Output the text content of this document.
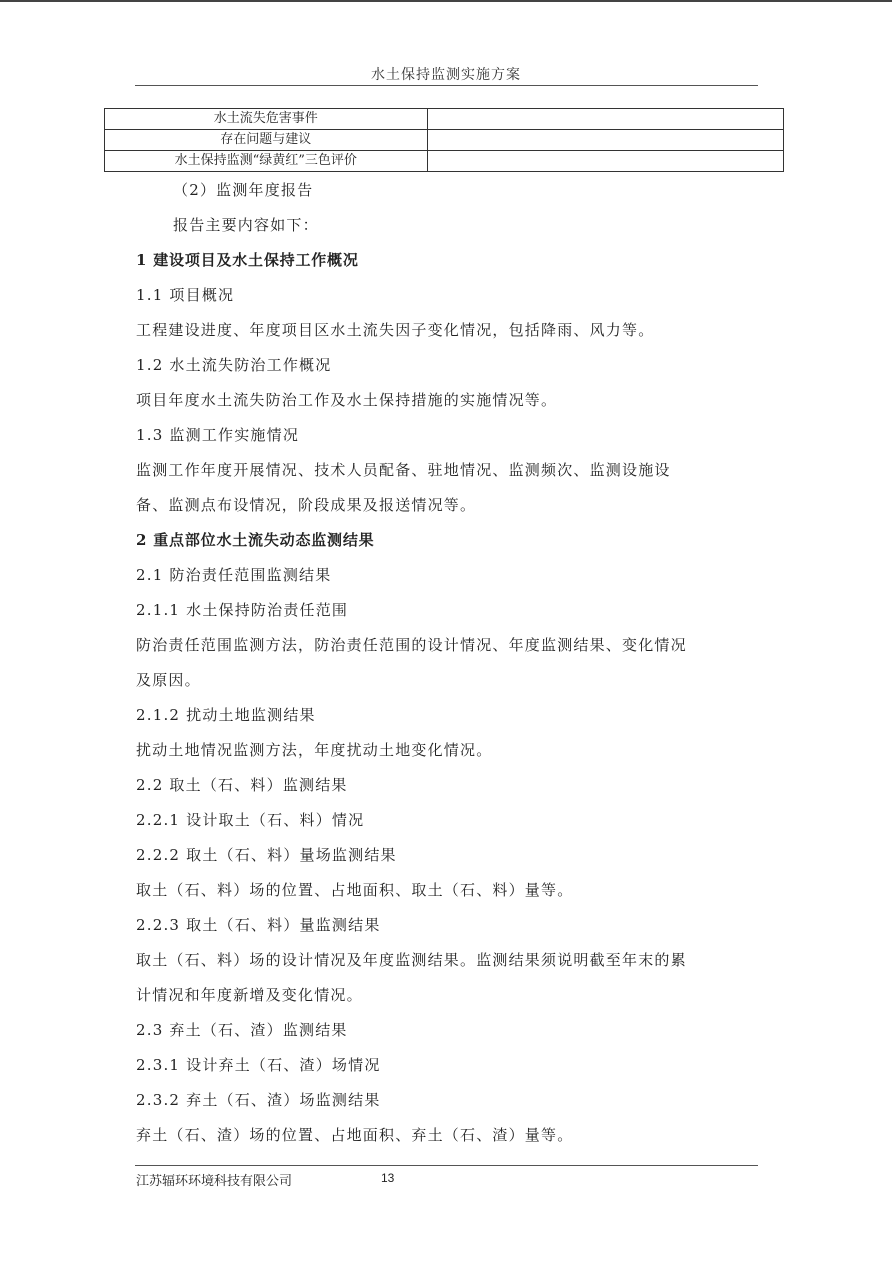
水土保持监测实施方案
水土流失危害事件	
存在问题与建议	
水土保持监测“绿黄红”三色评价	
（2）监测年度报告
报告主要内容如下：
1 建设项目及水土保持工作概况
1.1 项目概况
工程建设进度、年度项目区水土流失因子变化情况，包括降雨、风力等。
1.2 水土流失防治工作概况
项目年度水土流失防治工作及水土保持措施的实施情况等。
1.3 监测工作实施情况
监测工作年度开展情况、技术人员配备、驻地情况、监测频次、监测设施设
备、监测点布设情况，阶段成果及报送情况等。
2 重点部位水土流失动态监测结果
2.1 防治责任范围监测结果
2.1.1 水土保持防治责任范围
防治责任范围监测方法，防治责任范围的设计情况、年度监测结果、变化情况
及原因。
2.1.2 扰动土地监测结果
扰动土地情况监测方法，年度扰动土地变化情况。
2.2 取土（石、料）监测结果
2.2.1 设计取土（石、料）情况
2.2.2 取土（石、料）量场监测结果
取土（石、料）场的位置、占地面积、取土（石、料）量等。
2.2.3 取土（石、料）量监测结果
取土（石、料）场的设计情况及年度监测结果。监测结果须说明截至年末的累
计情况和年度新增及变化情况。
2.3 弃土（石、渣）监测结果
2.3.1 设计弃土（石、渣）场情况
2.3.2 弃土（石、渣）场监测结果
弃土（石、渣）场的位置、占地面积、弃土（石、渣）量等。
江苏辐环环境科技有限公司	13
